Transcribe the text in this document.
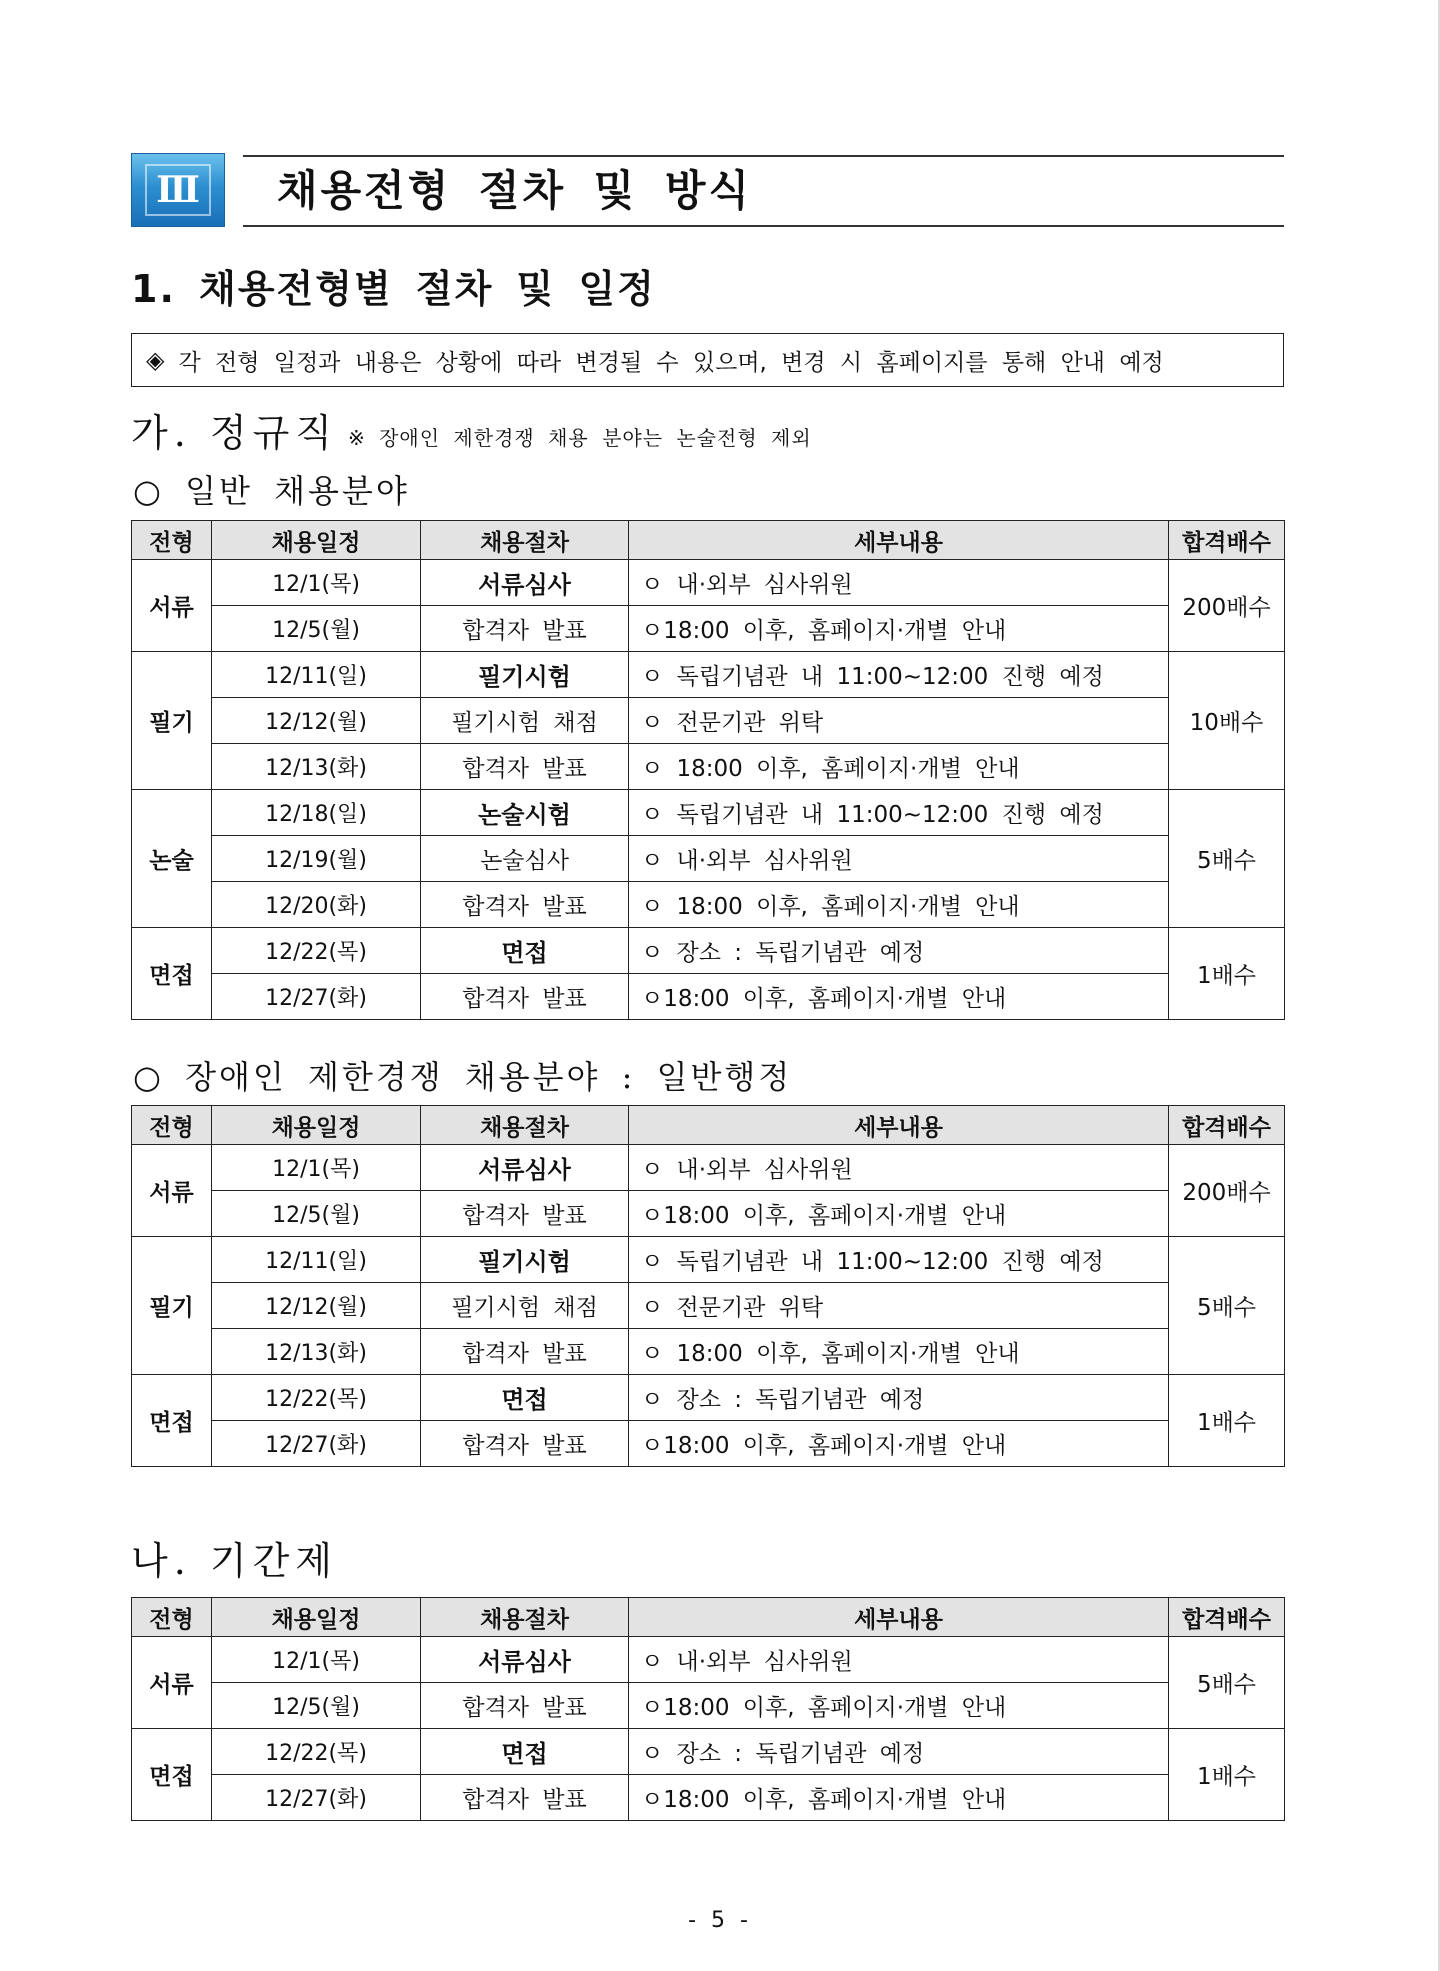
Ⅲ 채용전형 절차 및 방식
1. 채용전형별 절차 및 일정
◈ 각 전형 일정과 내용은 상황에 따라 변경될 수 있으며, 변경 시 홈페이지를 통해 안내 예정
가. 정규직 ※ 장애인 제한경쟁 채용 분야는 논술전형 제외
○ 일반 채용분야
전형	채용일정	채용절차	세부내용	합격배수
서류	12/1(목)	서류심사	ㅇ 내·외부 심사위원	200배수
	12/5(월)	합격자 발표	ㅇ18:00 이후, 홈페이지·개별 안내	
필기	12/11(일)	필기시험	ㅇ 독립기념관 내 11:00~12:00 진행 예정	10배수
	12/12(월)	필기시험 채점	ㅇ 전문기관 위탁	
	12/13(화)	합격자 발표	ㅇ 18:00 이후, 홈페이지·개별 안내	
논술	12/18(일)	논술시험	ㅇ 독립기념관 내 11:00~12:00 진행 예정	5배수
	12/19(월)	논술심사	ㅇ 내·외부 심사위원	
	12/20(화)	합격자 발표	ㅇ 18:00 이후, 홈페이지·개별 안내	
면접	12/22(목)	면접	ㅇ 장소 : 독립기념관 예정	1배수
	12/27(화)	합격자 발표	ㅇ18:00 이후, 홈페이지·개별 안내	
○ 장애인 제한경쟁 채용분야 : 일반행정
전형	채용일정	채용절차	세부내용	합격배수
서류	12/1(목)	서류심사	ㅇ 내·외부 심사위원	200배수
	12/5(월)	합격자 발표	ㅇ18:00 이후, 홈페이지·개별 안내	
필기	12/11(일)	필기시험	ㅇ 독립기념관 내 11:00~12:00 진행 예정	5배수
	12/12(월)	필기시험 채점	ㅇ 전문기관 위탁	
	12/13(화)	합격자 발표	ㅇ 18:00 이후, 홈페이지·개별 안내	
면접	12/22(목)	면접	ㅇ 장소 : 독립기념관 예정	1배수
	12/27(화)	합격자 발표	ㅇ18:00 이후, 홈페이지·개별 안내	
나. 기간제
전형	채용일정	채용절차	세부내용	합격배수
서류	12/1(목)	서류심사	ㅇ 내·외부 심사위원	5배수
	12/5(월)	합격자 발표	ㅇ18:00 이후, 홈페이지·개별 안내	
면접	12/22(목)	면접	ㅇ 장소 : 독립기념관 예정	1배수
	12/27(화)	합격자 발표	ㅇ18:00 이후, 홈페이지·개별 안내	
- 5 -
